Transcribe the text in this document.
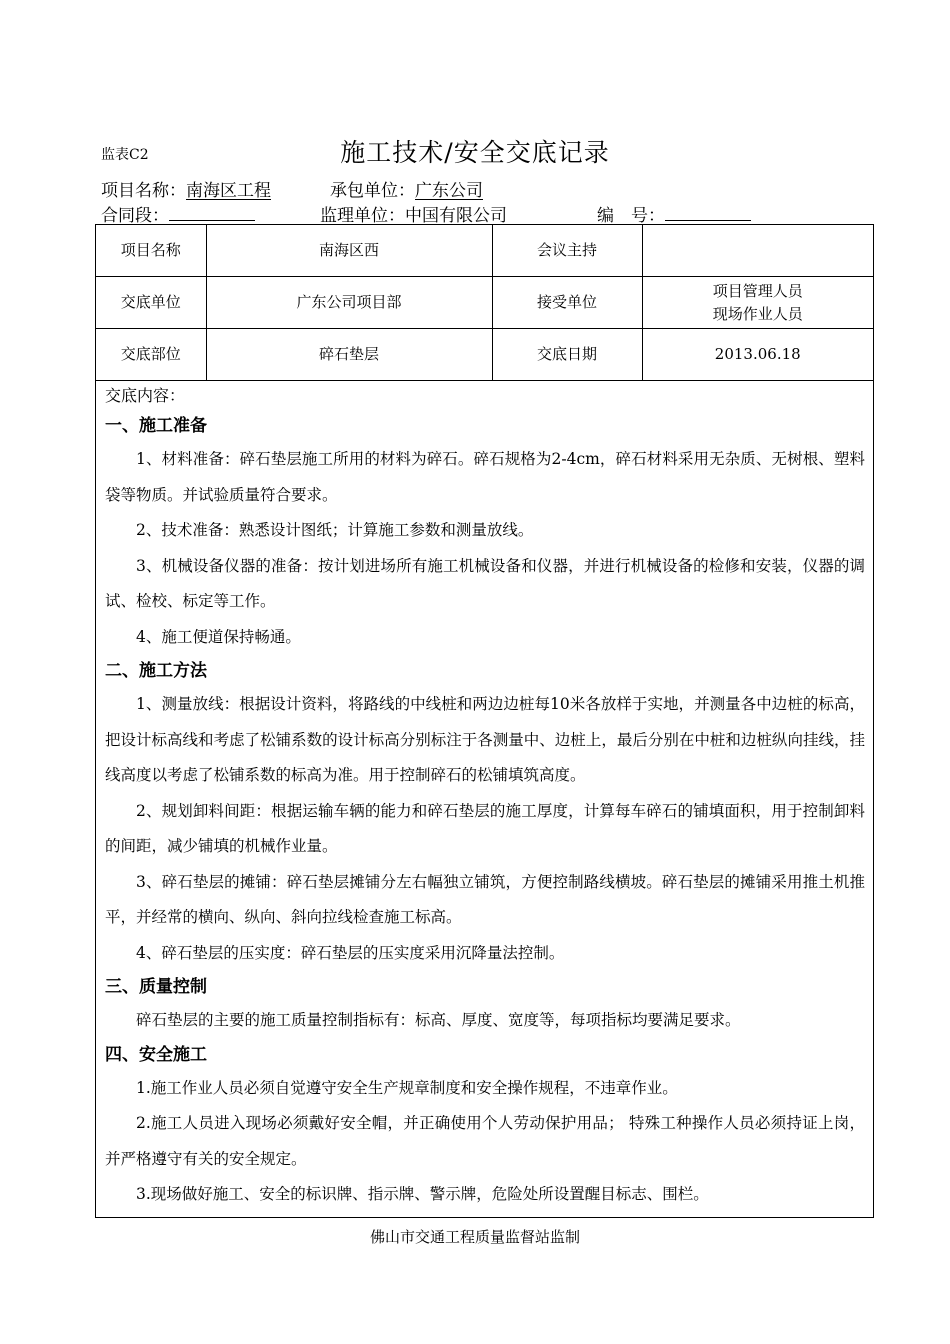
监表C2	施工技术/安全交底记录
项目名称：南海区工程	承包单位：广东公司
合同段：	监理单位：中国有限公司	编　号：
项目名称	南海区西	会议主持	
交底单位	广东公司项目部	接受单位	项目管理人员
现场作业人员

交底部位	碎石垫层	交底日期	2013.06.18
交底内容：
一、施工准备

1、材料准备：碎石垫层施工所用的材料为碎石。碎石规格为2-4cm，碎石材料采用无杂质、无树根、塑料袋等物质。并试验质量符合要求。

2、技术准备：熟悉设计图纸；计算施工参数和测量放线。

3、机械设备仪器的准备：按计划进场所有施工机械设备和仪器，并进行机械设备的检修和安装，仪器的调试、检校、标定等工作。

4、施工便道保持畅通。

二、施工方法

1、测量放线：根据设计资料，将路线的中线桩和两边边桩每10米各放样于实地，并测量各中边桩的标高，把设计标高线和考虑了松铺系数的设计标高分别标注于各测量中、边桩上，最后分别在中桩和边桩纵向挂线，挂线高度以考虑了松铺系数的标高为准。用于控制碎石的松铺填筑高度。

2、规划卸料间距：根据运输车辆的能力和碎石垫层的施工厚度，计算每车碎石的铺填面积，用于控制卸料的间距，减少铺填的机械作业量。

3、碎石垫层的摊铺：碎石垫层摊铺分左右幅独立铺筑，方便控制路线横坡。碎石垫层的摊铺采用推土机推平，并经常的横向、纵向、斜向拉线检查施工标高。

4、碎石垫层的压实度：碎石垫层的压实度采用沉降量法控制。

三、质量控制

碎石垫层的主要的施工质量控制指标有：标高、厚度、宽度等，每项指标均要满足要求。

四、安全施工

1.施工作业人员必须自觉遵守安全生产规章制度和安全操作规程，不违章作业。

2.施工人员进入现场必须戴好安全帽，并正确使用个人劳动保护用品； 特殊工种操作人员必须持证上岗，并严格遵守有关的安全规定。

3.现场做好施工、安全的标识牌、指示牌、警示牌，危险处所设置醒目标志、围栏。

佛山市交通工程质量监督站监制
